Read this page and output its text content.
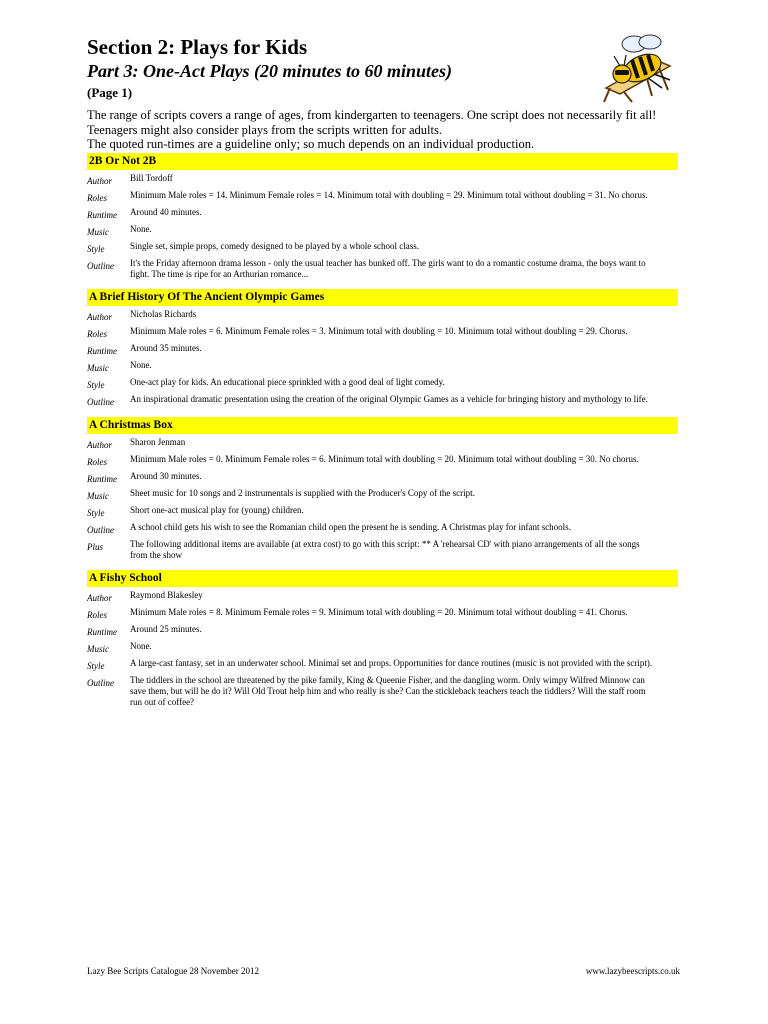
Section 2: Plays for Kids
Part 3: One-Act Plays (20 minutes to 60 minutes)
(Page 1)

The range of scripts covers a range of ages, from kindergarten to teenagers. One script does not necessarily fit all! Teenagers might also consider plays from the scripts written for adults.
The quoted run-times are a guideline only; so much depends on an individual production.

2B Or Not 2B
Author	Bill Tordoff
Roles	Minimum Male roles = 14. Minimum Female roles = 14. Minimum total with doubling = 29. Minimum total without doubling = 31. No chorus.
Runtime	Around 40 minutes.
Music	None.
Style	Single set, simple props, comedy designed to be played by a whole school class.
Outline	It's the Friday afternoon drama lesson - only the usual teacher has bunked off. The girls want to do a romantic costume drama, the boys want to fight. The time is ripe for an Arthurian romance...
A Brief History Of The Ancient Olympic Games
Author	Nicholas Richards
Roles	Minimum Male roles = 6. Minimum Female roles = 3. Minimum total with doubling = 10. Minimum total without doubling = 29. Chorus.
Runtime	Around 35 minutes.
Music	None.
Style	One-act play for kids. An educational piece sprinkled with a good deal of light comedy.
Outline	An inspirational dramatic presentation using the creation of the original Olympic Games as a vehicle for bringing history and mythology to life.
A Christmas Box
Author	Sharon Jenman
Roles	Minimum Male roles = 0. Minimum Female roles = 6. Minimum total with doubling = 20. Minimum total without doubling = 30. No chorus.
Runtime	Around 30 minutes.
Music	Sheet music for 10 songs and 2 instrumentals is supplied with the Producer's Copy of the script.
Style	Short one-act musical play for (young) children.
Outline	A school child gets his wish to see the Romanian child open the present he is sending. A Christmas play for infant schools.
Plus	The following additional items are available (at extra cost) to go with this script: ** A 'rehearsal CD' with piano arrangements of all the songs from the show
A Fishy School
Author	Raymond Blakesley
Roles	Minimum Male roles = 8. Minimum Female roles = 9. Minimum total with doubling = 20. Minimum total without doubling = 41. Chorus.
Runtime	Around 25 minutes.
Music	None.
Style	A large-cast fantasy, set in an underwater school. Minimal set and props. Opportunities for dance routines (music is not provided with the script).
Outline	The tiddlers in the school are threatened by the pike family, King & Queenie Fisher, and the dangling worm. Only wimpy Wilfred Minnow can save them, but will he do it? Will Old Trout help him and who really is she? Can the stickleback teachers teach the tiddlers? Will the staff room run out of coffee?
Lazy Bee Scripts Catalogue 28 November 2012	www.lazybeescripts.co.uk
